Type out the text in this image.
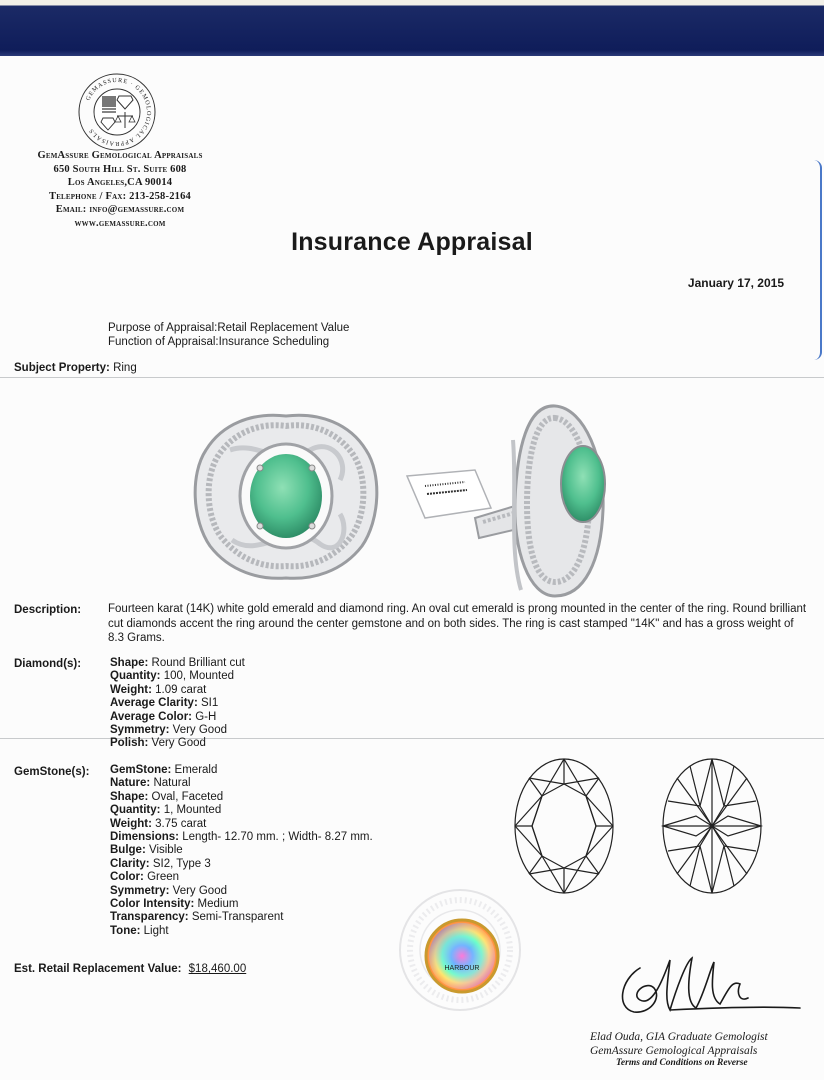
GEMASSURE · GEMOLOGICAL APPRAISALS
GemAssure Gemological Appraisals
650 South Hill St. Suite 608
Los Angeles,CA 90014
Telephone / Fax: 213-258-2164
Email: info@gemassure.com
www.gemassure.com
Insurance Appraisal
January 17, 2015
Purpose of Appraisal:Retail Replacement Value
Function of Appraisal:Insurance Scheduling
Subject Property: Ring
Description: Fourteen karat (14K) white gold emerald and diamond ring. An oval cut emerald is prong mounted in the center of the ring. Round brilliant cut diamonds accent the ring around the center gemstone and on both sides. The ring is cast stamped "14K" and has a gross weight of 8.3 Grams.
Diamond(s):	Shape: Round Brilliant cut
Quantity: 100, Mounted
Weight: 1.09 carat
Average Clarity: SI1
Average Color: G-H
Symmetry: Very Good
Polish: Very Good
GemStone(s): GemStone: Emerald
Nature: Natural
Shape: Oval, Faceted
Quantity: 1, Mounted
Weight: 3.75 carat
Dimensions: Length- 12.70 mm. ; Width- 8.27 mm.
Bulge: Visible
Clarity: SI2, Type 3
Color: Green
Symmetry: Very Good
Color Intensity: Medium
Transparency: Semi-Transparent
Tone: Light
HARBOUR
Est. Retail Replacement Value: $18,460.00
Elad Ouda, GIA Graduate Gemologist
GemAssure Gemological Appraisals
Terms and Conditions on Reverse
